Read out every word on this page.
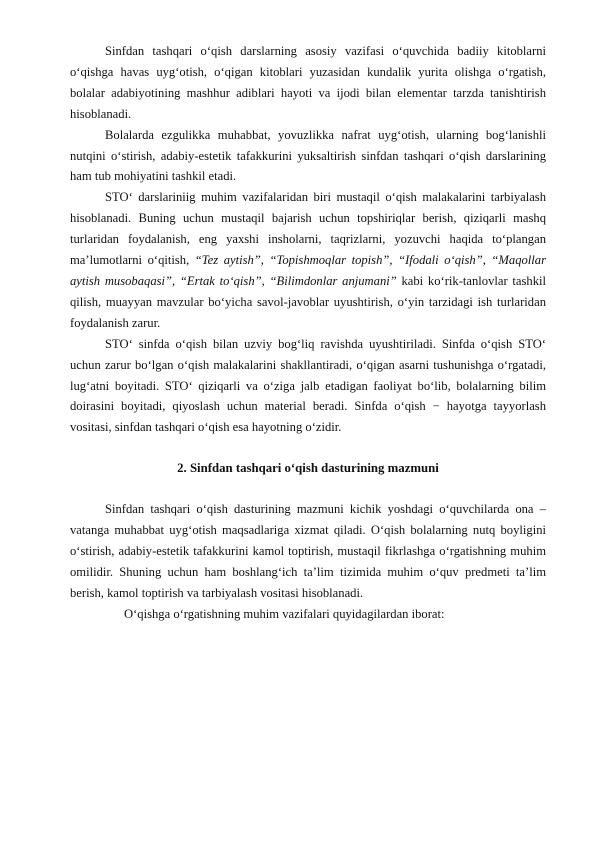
Sinfdan tashqari o‘qish darslarning asosiy vazifasi o‘quvchida badiiy kitoblarni o‘qishga havas uyg‘otish, o‘qigan kitoblari yuzasidan kundalik yurita olishga o‘rgatish, bolalar adabiyotining mashhur adiblari hayoti va ijodi bilan elementar tarzda tanishtirish hisoblanadi.

Bolalarda ezgulikka muhabbat, yovuzlikka nafrat uyg‘otish, ularning bog‘lanishli nutqini o‘stirish, adabiy-estetik tafakkurini yuksaltirish sinfdan tashqari o‘qish darslarining ham tub mohiyatini tashkil etadi.

STO‘ darslariniig muhim vazifalaridan biri mustaqil o‘qish malakalarini tarbiyalash hisoblanadi. Buning uchun mustaqil bajarish uchun topshiriqlar berish, qiziqarli mashq turlaridan foydalanish, eng yaxshi insholarni, taqrizlarni, yozuvchi haqida to‘plangan ma’lumotlarni o‘qitish, “Tez aytish”, “Topishmoqlar topish”, “Ifodali o‘qish”, “Maqollar aytish musobaqasi”, “Ertak to‘qish”, “Bilimdonlar anjumani” kabi ko‘rik-tanlovlar tashkil qilish, muayyan mavzular bo‘yicha savol-javoblar uyushtirish, o‘yin tarzidagi ish turlaridan foydalanish zarur.

STO‘ sinfda o‘qish bilan uzviy bog‘liq ravishda uyushtiriladi. Sinfda o‘qish STO‘ uchun zarur bo‘lgan o‘qish malakalarini shakllantiradi, o‘qigan asarni tushunishga o‘rgatadi, lug‘atni boyitadi. STO‘ qiziqarli va o‘ziga jalb etadigan faoliyat bo‘lib, bolalarning bilim doirasini boyitadi, qiyoslash uchun material beradi. Sinfda o‘qish − hayotga tayyorlash vositasi, sinfdan tashqari o‘qish esa hayotning o‘zidir.

2. Sinfdan tashqari o‘qish dasturining mazmuni

Sinfdan tashqari o‘qish dasturining mazmuni kichik yoshdagi o‘quvchilarda ona – vatanga muhabbat uyg‘otish maqsadlariga xizmat qiladi. O‘qish bolalarning nutq boyligini o‘stirish, adabiy-estetik tafakkurini kamol toptirish, mustaqil fikrlashga o‘rgatishning muhim omilidir. Shuning uchun ham boshlang‘ich ta’lim tizimida muhim o‘quv predmeti ta’lim berish, kamol toptirish va tarbiyalash vositasi hisoblanadi.

O‘qishga o‘rgatishning muhim vazifalari quyidagilardan iborat:
